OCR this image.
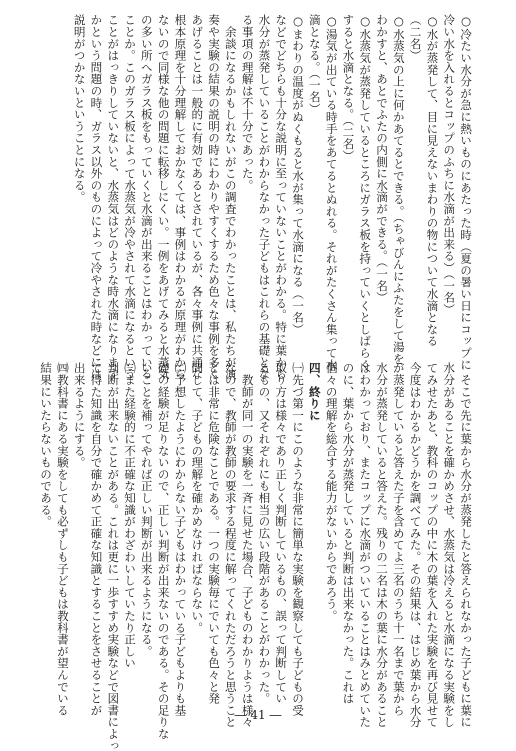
○冷たい水分が急に熱いものにあたった時（夏の暑い日にコップに
冷い水を入れるとコップのふちに水滴が出来る）（一名）
○水が蒸発して、目に見えないまわりの物について水滴となる
（二名）
○水蒸気の上に何かあてるとできる。（ちゃびんにふたをして湯を
わかすと、あとでふたの内側に水滴ができる。（一名）
○水蒸気が蒸発しているところにガラス板を持っていくとしばらく
すると水滴となる。（二名）
○湯気が出ている時手をあてるとぬれる。それがたくさん集って水
滴となる。（一名）
○まわりの温度がぬくもると水が集って水滴になる（一名）
などでどちらも十分な説明に至っていないことがわかる。特に葉から
水分が蒸発していることがわからなかった子どもはこれらの基礎とな
る事項の理解は不十分であった。
　余談になるかもしれないがこの調査でわかったことは、私たちが演
奏や実験の結果の説明の時にわかりやすくするため色々な事例を多く
あげることは一般的に有効であるとされているが、各々事例に共通な
根本原理を十分理解しておかなくては、事例はわかるが原理がわから
ないので同様な他の問題に転移しにくい。一例をあげてみると水蒸気
の多い所へガラス板をもっていくと水滴が出来ることはわかっている
ことか。このガラス板によって水蒸気が冷やされて水滴になるという
ことがはっきりしていないと、水蒸気はどのような時水滴になります
かという問題の時、ガラス以外のものによって冷やされた時などには
説明がつかないということになる。
　そこで先に葉から水分が蒸発したと答えられなかった子どもに葉に
水分があることを確かめさせ、水蒸気は冷えると水滴になる実験をし
てみせたあと、教科のコップの中に木の葉を入れた実験を再び見せて
今度はわかるかどうかを調べてみた。その結果は、はじめ葉から水分
が蒸発していると答えた子を含めてよ三名のうち十一名まで葉から
水分が蒸発していると答えた。残りの二名は木の葉に水分があること
はわかっており、またコップに水滴がついていることはみとめていた
のに、葉から水分が蒸発していると判断は出来なかった。これは
個々の理解を総合する能力がないからであろう。
四、終りに
㈠先づ第一にこのような非常に簡単な実験を観察しても子どもの受
取り方は様々であり正しく判断しているもの、誤って判断してい
るもの、又それぞれにも相当の広い段階があることがわかった。
　教師が同一の実験を一斉に見せた場合、子どものわかりようは様々
なので、教師が教師の要求する程度に解ってくれただろうと思うこと
とは非常に危険なことである。一つの実験毎にでいても色々と発
問して、子どもの理解を確かめなければならない。
㈡予想したようにわからない子どもはわかっている子どもよりも基
礎の経験が足りないので、正しい判断が出来ないのである。その足りな
いことを補ってやれば正しい判断が出来るようになる。
㈢また経験的に不正確な知識がわざわいしていたり正しい
判断が出来ないことがある。これは更に一歩すすめ実験などで図書によっ
て得た知識を自分で確かめて正確な知識とすることをさせることが
出来るようにする。
㈣教科書にある実験をしても必ずしも子どもは教科書が望んでいる
結果にいたらないものである。
― 41 ―
